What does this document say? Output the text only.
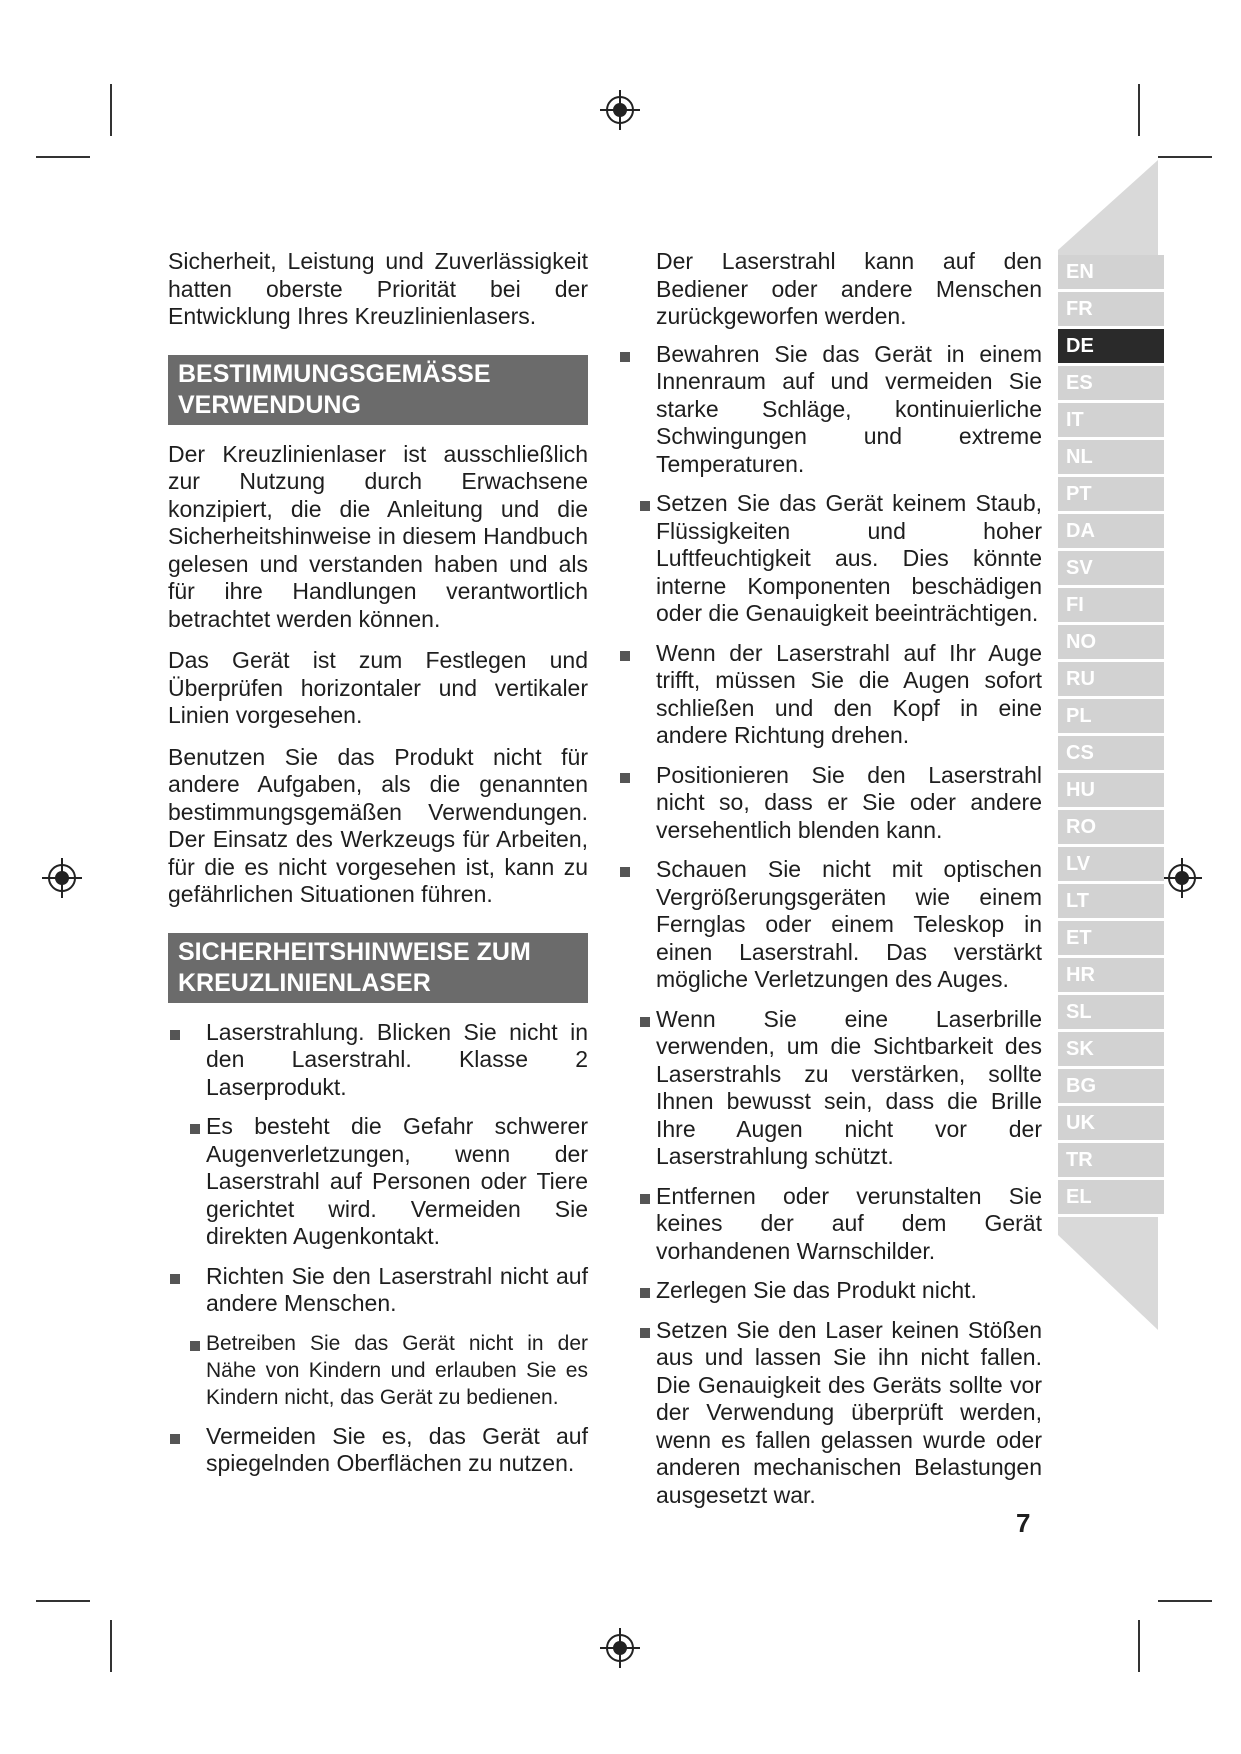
Sicherheit, Leistung und Zuverlässigkeit hatten oberste Priorität bei der Entwicklung Ihres Kreuzlinienlasers.

BESTIMMUNGSGEMÄSSE VERWENDUNG

Der Kreuzlinienlaser ist ausschließlich zur Nutzung durch Erwachsene konzipiert, die die Anleitung und die Sicherheitshinweise in diesem Handbuch gelesen und verstanden haben und als für ihre Handlungen verantwortlich betrachtet werden können.

Das Gerät ist zum Festlegen und Überprüfen horizontaler und vertikaler Linien vorgesehen.

Benutzen Sie das Produkt nicht für andere Aufgaben, als die genannten bestimmungsgemäßen Verwendungen. Der Einsatz des Werkzeugs für Arbeiten, für die es nicht vorgesehen ist, kann zu gefährlichen Situationen führen.

SICHERHEITSHINWEISE ZUM KREUZLINIENLASER
Laserstrahlung. Blicken Sie nicht in den Laserstrahl. Klasse 2 Laserprodukt.
Es besteht die Gefahr schwerer Augenverletzungen, wenn der Laserstrahl auf Personen oder Tiere gerichtet wird. Vermeiden Sie direkten Augenkontakt.
Richten Sie den Laserstrahl nicht auf andere Menschen.
Betreiben Sie das Gerät nicht in der Nähe von Kindern und erlauben Sie es Kindern nicht, das Gerät zu bedienen.
Vermeiden Sie es, das Gerät auf spiegelnden Oberflächen zu nutzen.

Der Laserstrahl kann auf den Bediener oder andere Menschen zurückgeworfen werden.

Bewahren Sie das Gerät in einem Innenraum auf und vermeiden Sie starke Schläge, kontinuierliche Schwingungen und extreme Temperaturen.
Setzen Sie das Gerät keinem Staub, Flüssigkeiten und hoher Luftfeuchtigkeit aus. Dies könnte interne Komponenten beschädigen oder die Genauigkeit beeinträchtigen.
Wenn der Laserstrahl auf Ihr Auge trifft, müssen Sie die Augen sofort schließen und den Kopf in eine andere Richtung drehen.
Positionieren Sie den Laserstrahl nicht so, dass er Sie oder andere versehentlich blenden kann.
Schauen Sie nicht mit optischen Vergrößerungsgeräten wie einem Fernglas oder einem Teleskop in einen Laserstrahl. Das verstärkt mögliche Verletzungen des Auges.
Wenn Sie eine Laserbrille verwenden, um die Sichtbarkeit des Laserstrahls zu verstärken, sollte Ihnen bewusst sein, dass die Brille Ihre Augen nicht vor der Laserstrahlung schützt.
Entfernen oder verunstalten Sie keines der auf dem Gerät vorhandenen Warnschilder.
Zerlegen Sie das Produkt nicht.
Setzen Sie den Laser keinen Stößen aus und lassen Sie ihn nicht fallen. Die Genauigkeit des Geräts sollte vor der Verwendung überprüft werden, wenn es fallen gelassen wurde oder anderen mechanischen Belastungen ausgesetzt war.
EN
FR
DE
ES
IT
NL
PT
DA
SV
FI
NO
RU
PL
CS
HU
RO
LV
LT
ET
HR
SL
SK
BG
UK
TR
EL
7
